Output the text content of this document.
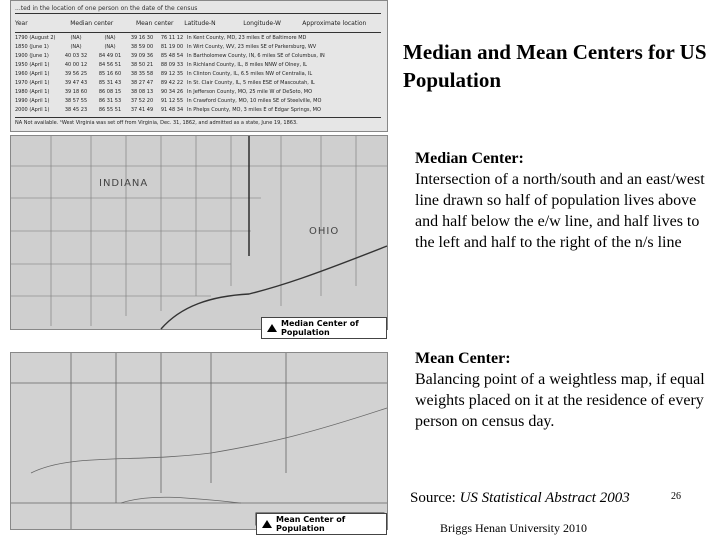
...ted in the location of one person on the date of the census
Year	Median center	Mean center	Latitude-N	Longitude-W	Approximate location
1790 (August 2)	(NA)	(NA)	39 16 30	76 11 12 In Kent County, MD, 23 miles E of Baltimore MD
1850 (June 1)	(NA)	(NA)	38 59 00	81 19 00 In Wirt County, WV, 23 miles SE of Parkersburg, WV
1900 (June 1)	40 03 32	84 49 01	39 09 36	85 48 54 In Bartholomew County, IN, 6 miles SE of Columbus, IN
1950 (April 1)	40 00 12	84 56 51	38 50 21	88 09 33 In Richland County, IL, 8 miles NNW of Olney, IL
1960 (April 1)	39 56 25	85 16 60	38 35 58	89 12 35 In Clinton County, IL, 6.5 miles NW of Centralia, IL
1970 (April 1)	39 47 43	85 31 43	38 27 47	89 42 22 In St. Clair County, IL, 5 miles ESE of Mascoutah, IL
1980 (April 1)	39 18 60	86 08 15	38 08 13	90 34 26 In Jefferson County, MO, 25 mile W of DeSoto, MO
1990 (April 1)	38 57 55	86 31 53	37 52 20	91 12 55 In Crawford County, MO, 10 miles SE of Steelville, MO
2000 (April 1)	38 45 23	86 55 51	37 41 49	91 48 34 In Phelps County, MO, 3 miles E of Edgar Springs, MO
NA Not available. ¹West Virginia was set off from Virginia, Dec. 31, 1862, and admitted as a state, June 19, 1863.
INDIANA
OHIO
Median Center of Population
Mean Center of Population
Median and Mean Centers for US Population
Median Center:
Intersection of a north/south and an east/west line drawn so half of population lives above and half below the e/w line, and half lives to the left and half to the right of the n/s line
Mean Center:
Balancing point of a weightless map, if equal weights placed on it at the residence of every person on census day.
Source: US Statistical Abstract 2003	26
Briggs Henan University 2010
